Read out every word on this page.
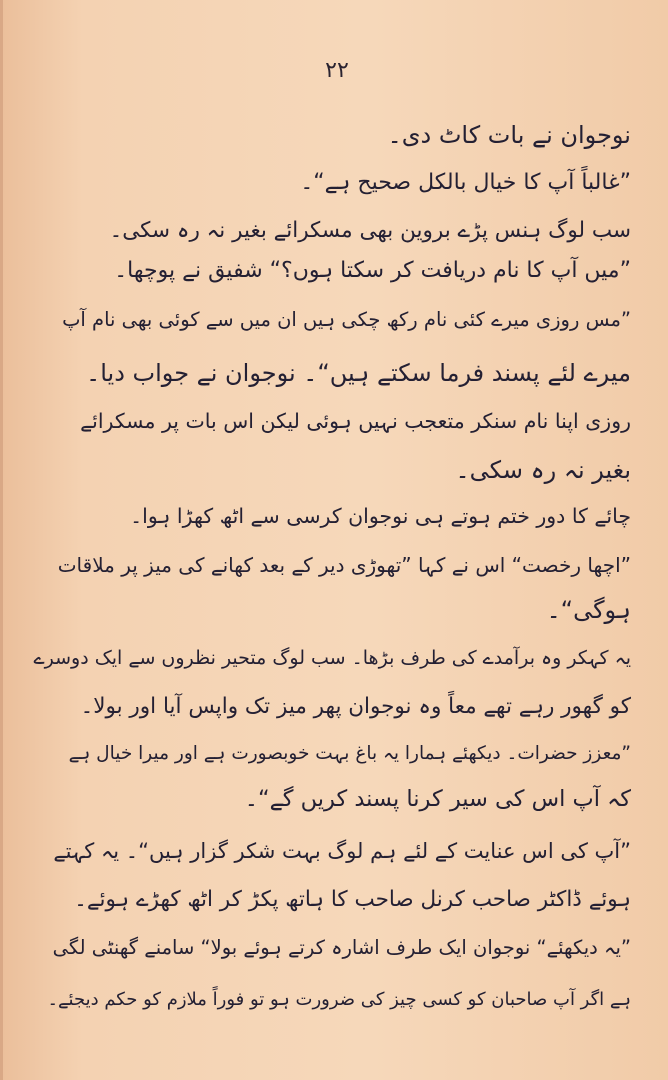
۲۲
نوجوان نے بات کاٹ دی۔
”غالباً آپ کا خیال بالکل صحیح ہے“۔
سب لوگ ہنس پڑے بروین بھی مسکرائے بغیر نہ رہ سکی۔
”میں آپ کا نام دریافت کر سکتا ہوں؟“ شفیق نے پوچھا۔
”مس روزی میرے کئی نام رکھ چکی ہیں ان میں سے کوئی بھی نام آپ
میرے لئے پسند فرما سکتے ہیں“۔ نوجوان نے جواب دیا۔
روزی اپنا نام سنکر متعجب نہیں ہوئی لیکن اس بات پر مسکرائے
بغیر نہ رہ سکی۔
چائے کا دور ختم ہوتے ہی نوجوان کرسی سے اٹھ کھڑا ہوا۔
”اچھا رخصت“ اس نے کہا ”تھوڑی دیر کے بعد کھانے کی میز پر ملاقات
ہوگی“۔
یہ کہکر وہ برآمدے کی طرف بڑھا۔ سب لوگ متحیر نظروں سے ایک دوسرے
کو گھور رہے تھے معاً وہ نوجوان پھر میز تک واپس آیا اور بولا۔
”معزز حضرات۔ دیکھئے ہمارا یہ باغ بہت خوبصورت ہے اور میرا خیال ہے
کہ آپ اس کی سیر کرنا پسند کریں گے“۔
”آپ کی اس عنایت کے لئے ہم لوگ بہت شکر گزار ہیں“۔ یہ کہتے
ہوئے ڈاکٹر صاحب کرنل صاحب کا ہاتھ پکڑ کر اٹھ کھڑے ہوئے۔
”یہ دیکھئے“ نوجوان ایک طرف اشارہ کرتے ہوئے بولا“ سامنے گھنٹی لگی
ہے اگر آپ صاحبان کو کسی چیز کی ضرورت ہو تو فوراً ملازم کو حکم دیجئے۔
